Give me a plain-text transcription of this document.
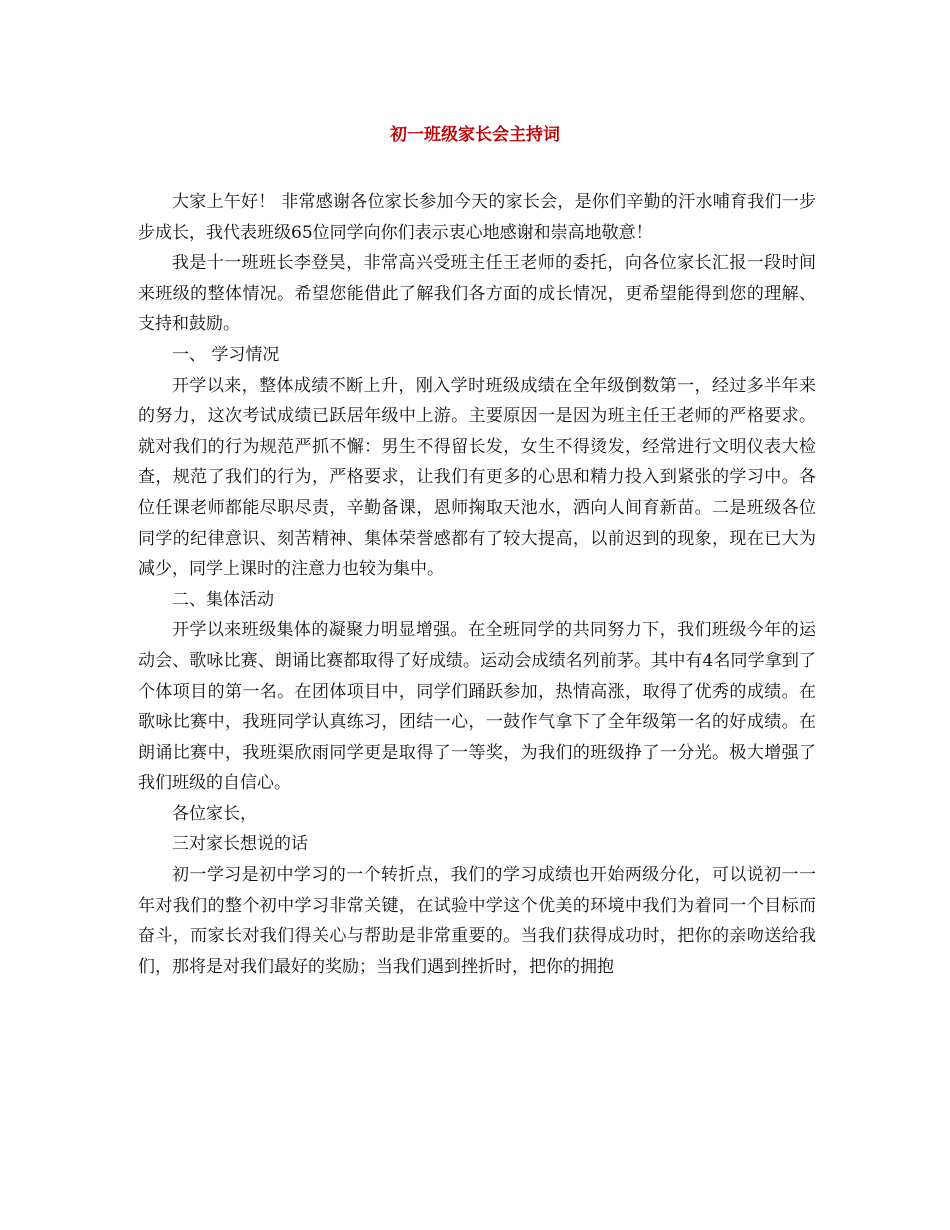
初一班级家长会主持词

大家上午好！ 非常感谢各位家长参加今天的家长会，是你们辛勤的汗水哺育我们一步步成长，我代表班级65位同学向你们表示衷心地感谢和崇高地敬意！

我是十一班班长李登昊，非常高兴受班主任王老师的委托，向各位家长汇报一段时间来班级的整体情况。希望您能借此了解我们各方面的成长情况，更希望能得到您的理解、支持和鼓励。

一、 学习情况

开学以来，整体成绩不断上升，刚入学时班级成绩在全年级倒数第一，经过多半年来的努力，这次考试成绩已跃居年级中上游。主要原因一是因为班主任王老师的严格要求。就对我们的行为规范严抓不懈：男生不得留长发，女生不得烫发，经常进行文明仪表大检查，规范了我们的行为，严格要求，让我们有更多的心思和精力投入到紧张的学习中。各位任课老师都能尽职尽责，辛勤备课，恩师掬取天池水，洒向人间育新苗。二是班级各位同学的纪律意识、刻苦精神、集体荣誉感都有了较大提高，以前迟到的现象，现在已大为减少，同学上课时的注意力也较为集中。

二、集体活动

开学以来班级集体的凝聚力明显增强。在全班同学的共同努力下，我们班级今年的运动会、歌咏比赛、朗诵比赛都取得了好成绩。运动会成绩名列前茅。其中有4名同学拿到了个体项目的第一名。在团体项目中，同学们踊跃参加，热情高涨，取得了优秀的成绩。在歌咏比赛中，我班同学认真练习，团结一心，一鼓作气拿下了全年级第一名的好成绩。在朗诵比赛中，我班渠欣雨同学更是取得了一等奖，为我们的班级挣了一分光。极大增强了我们班级的自信心。

各位家长，

三对家长想说的话

初一学习是初中学习的一个转折点，我们的学习成绩也开始两级分化，可以说初一一年对我们的整个初中学习非常关键，在试验中学这个优美的环境中我们为着同一个目标而奋斗，而家长对我们得关心与帮助是非常重要的。当我们获得成功时，把你的亲吻送给我们，那将是对我们最好的奖励；当我们遇到挫折时，把你的拥抱
